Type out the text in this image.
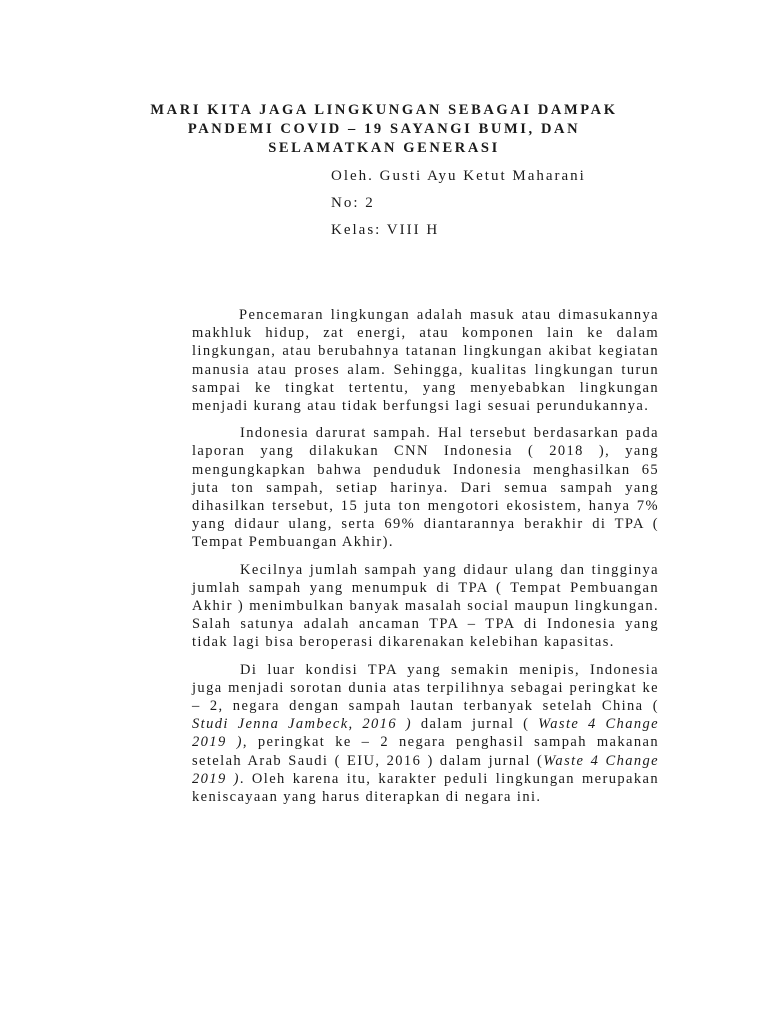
MARI KITA JAGA LINGKUNGAN SEBAGAI DAMPAK
PANDEMI COVID – 19 SAYANGI BUMI, DAN
SELAMATKAN GENERASI
Oleh. Gusti Ayu Ketut Maharani
No: 2
Kelas: VIII H

Pencemaran lingkungan adalah masuk atau dimasukannya makhluk hidup, zat energi, atau komponen lain ke dalam lingkungan, atau berubahnya tatanan lingkungan akibat kegiatan manusia atau proses alam. Sehingga, kualitas lingkungan turun sampai ke tingkat tertentu, yang menyebabkan lingkungan menjadi kurang atau tidak berfungsi lagi sesuai perundukannya.

Indonesia darurat sampah. Hal tersebut berdasarkan pada laporan yang dilakukan CNN Indonesia ( 2018 ), yang mengungkapkan bahwa penduduk Indonesia menghasilkan 65 juta ton sampah, setiap harinya. Dari semua sampah yang dihasilkan tersebut, 15 juta ton mengotori ekosistem, hanya 7% yang didaur ulang, serta 69% diantarannya berakhir di TPA ( Tempat Pembuangan Akhir).

Kecilnya jumlah sampah yang didaur ulang dan tingginya jumlah sampah yang menumpuk di TPA ( Tempat Pembuangan Akhir ) menimbulkan banyak masalah social maupun lingkungan. Salah satunya adalah ancaman TPA – TPA di Indonesia yang tidak lagi bisa beroperasi dikarenakan kelebihan kapasitas.

Di luar kondisi TPA yang semakin menipis, Indonesia juga menjadi sorotan dunia atas terpilihnya sebagai peringkat ke – 2, negara dengan sampah lautan terbanyak setelah China ( Studi Jenna Jambeck, 2016 ) dalam jurnal ( Waste 4 Change 2019 ), peringkat ke – 2 negara penghasil sampah makanan setelah Arab Saudi ( EIU, 2016 ) dalam jurnal (Waste 4 Change 2019 ). Oleh karena itu, karakter peduli lingkungan merupakan keniscayaan yang harus diterapkan di negara ini.
